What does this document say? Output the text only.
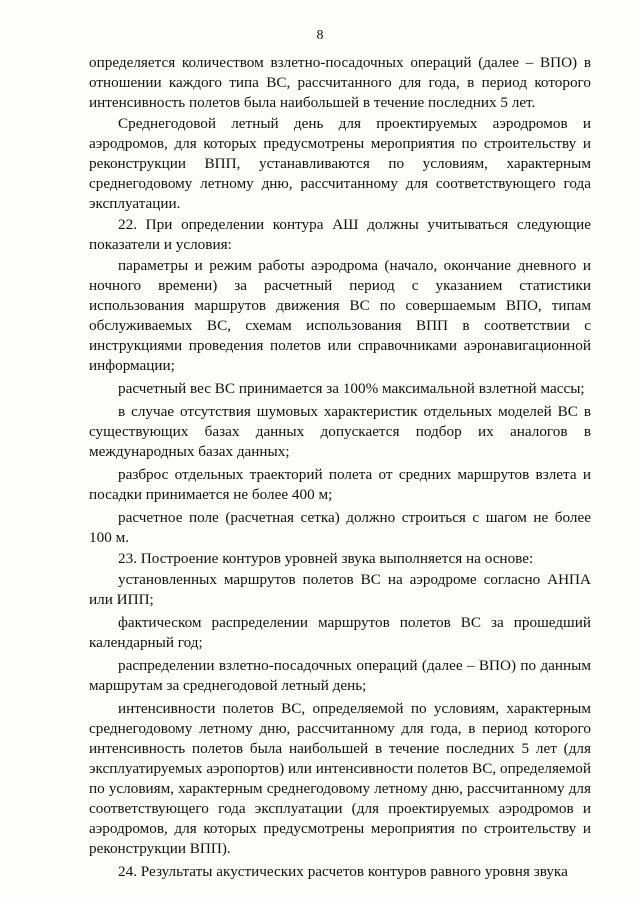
8

определяется количеством взлетно-посадочных операций (далее – ВПО) в отношении каждого типа ВС, рассчитанного для года, в период которого интенсивность полетов была наибольшей в течение последних 5 лет.

Среднегодовой летный день для проектируемых аэродромов и аэродромов, для которых предусмотрены мероприятия по строительству и реконструкции ВПП, устанавливаются по условиям, характерным среднегодовому летному дню, рассчитанному для соответствующего года эксплуатации.

22. При определении контура АШ должны учитываться следующие показатели и условия:

параметры и режим работы аэродрома (начало, окончание дневного и ночного времени) за расчетный период с указанием статистики использования маршрутов движения ВС по совершаемым ВПО, типам обслуживаемых ВС, схемам использования ВПП в соответствии с инструкциями проведения полетов или справочниками аэронавигационной информации;

расчетный вес ВС принимается за 100% максимальной взлетной массы;

в случае отсутствия шумовых характеристик отдельных моделей ВС в существующих базах данных допускается подбор их аналогов в международных базах данных;

разброс отдельных траекторий полета от средних маршрутов взлета и посадки принимается не более 400 м;

расчетное поле (расчетная сетка) должно строиться с шагом не более 100 м.

23. Построение контуров уровней звука выполняется на основе:

установленных маршрутов полетов ВС на аэродроме согласно АНПА или ИПП;

фактическом распределении маршрутов полетов ВС за прошедший календарный год;

распределении взлетно-посадочных операций (далее – ВПО) по данным маршрутам за среднегодовой летный день;

интенсивности полетов ВС, определяемой по условиям, характерным среднегодовому летному дню, рассчитанному для года, в период которого интенсивность полетов была наибольшей в течение последних 5 лет (для эксплуатируемых аэропортов) или интенсивности полетов ВС, определяемой по условиям, характерным среднегодовому летному дню, рассчитанному для соответствующего года эксплуатации (для проектируемых аэродромов и аэродромов, для которых предусмотрены мероприятия по строительству и реконструкции ВПП).

24. Результаты акустических расчетов контуров равного уровня звука
